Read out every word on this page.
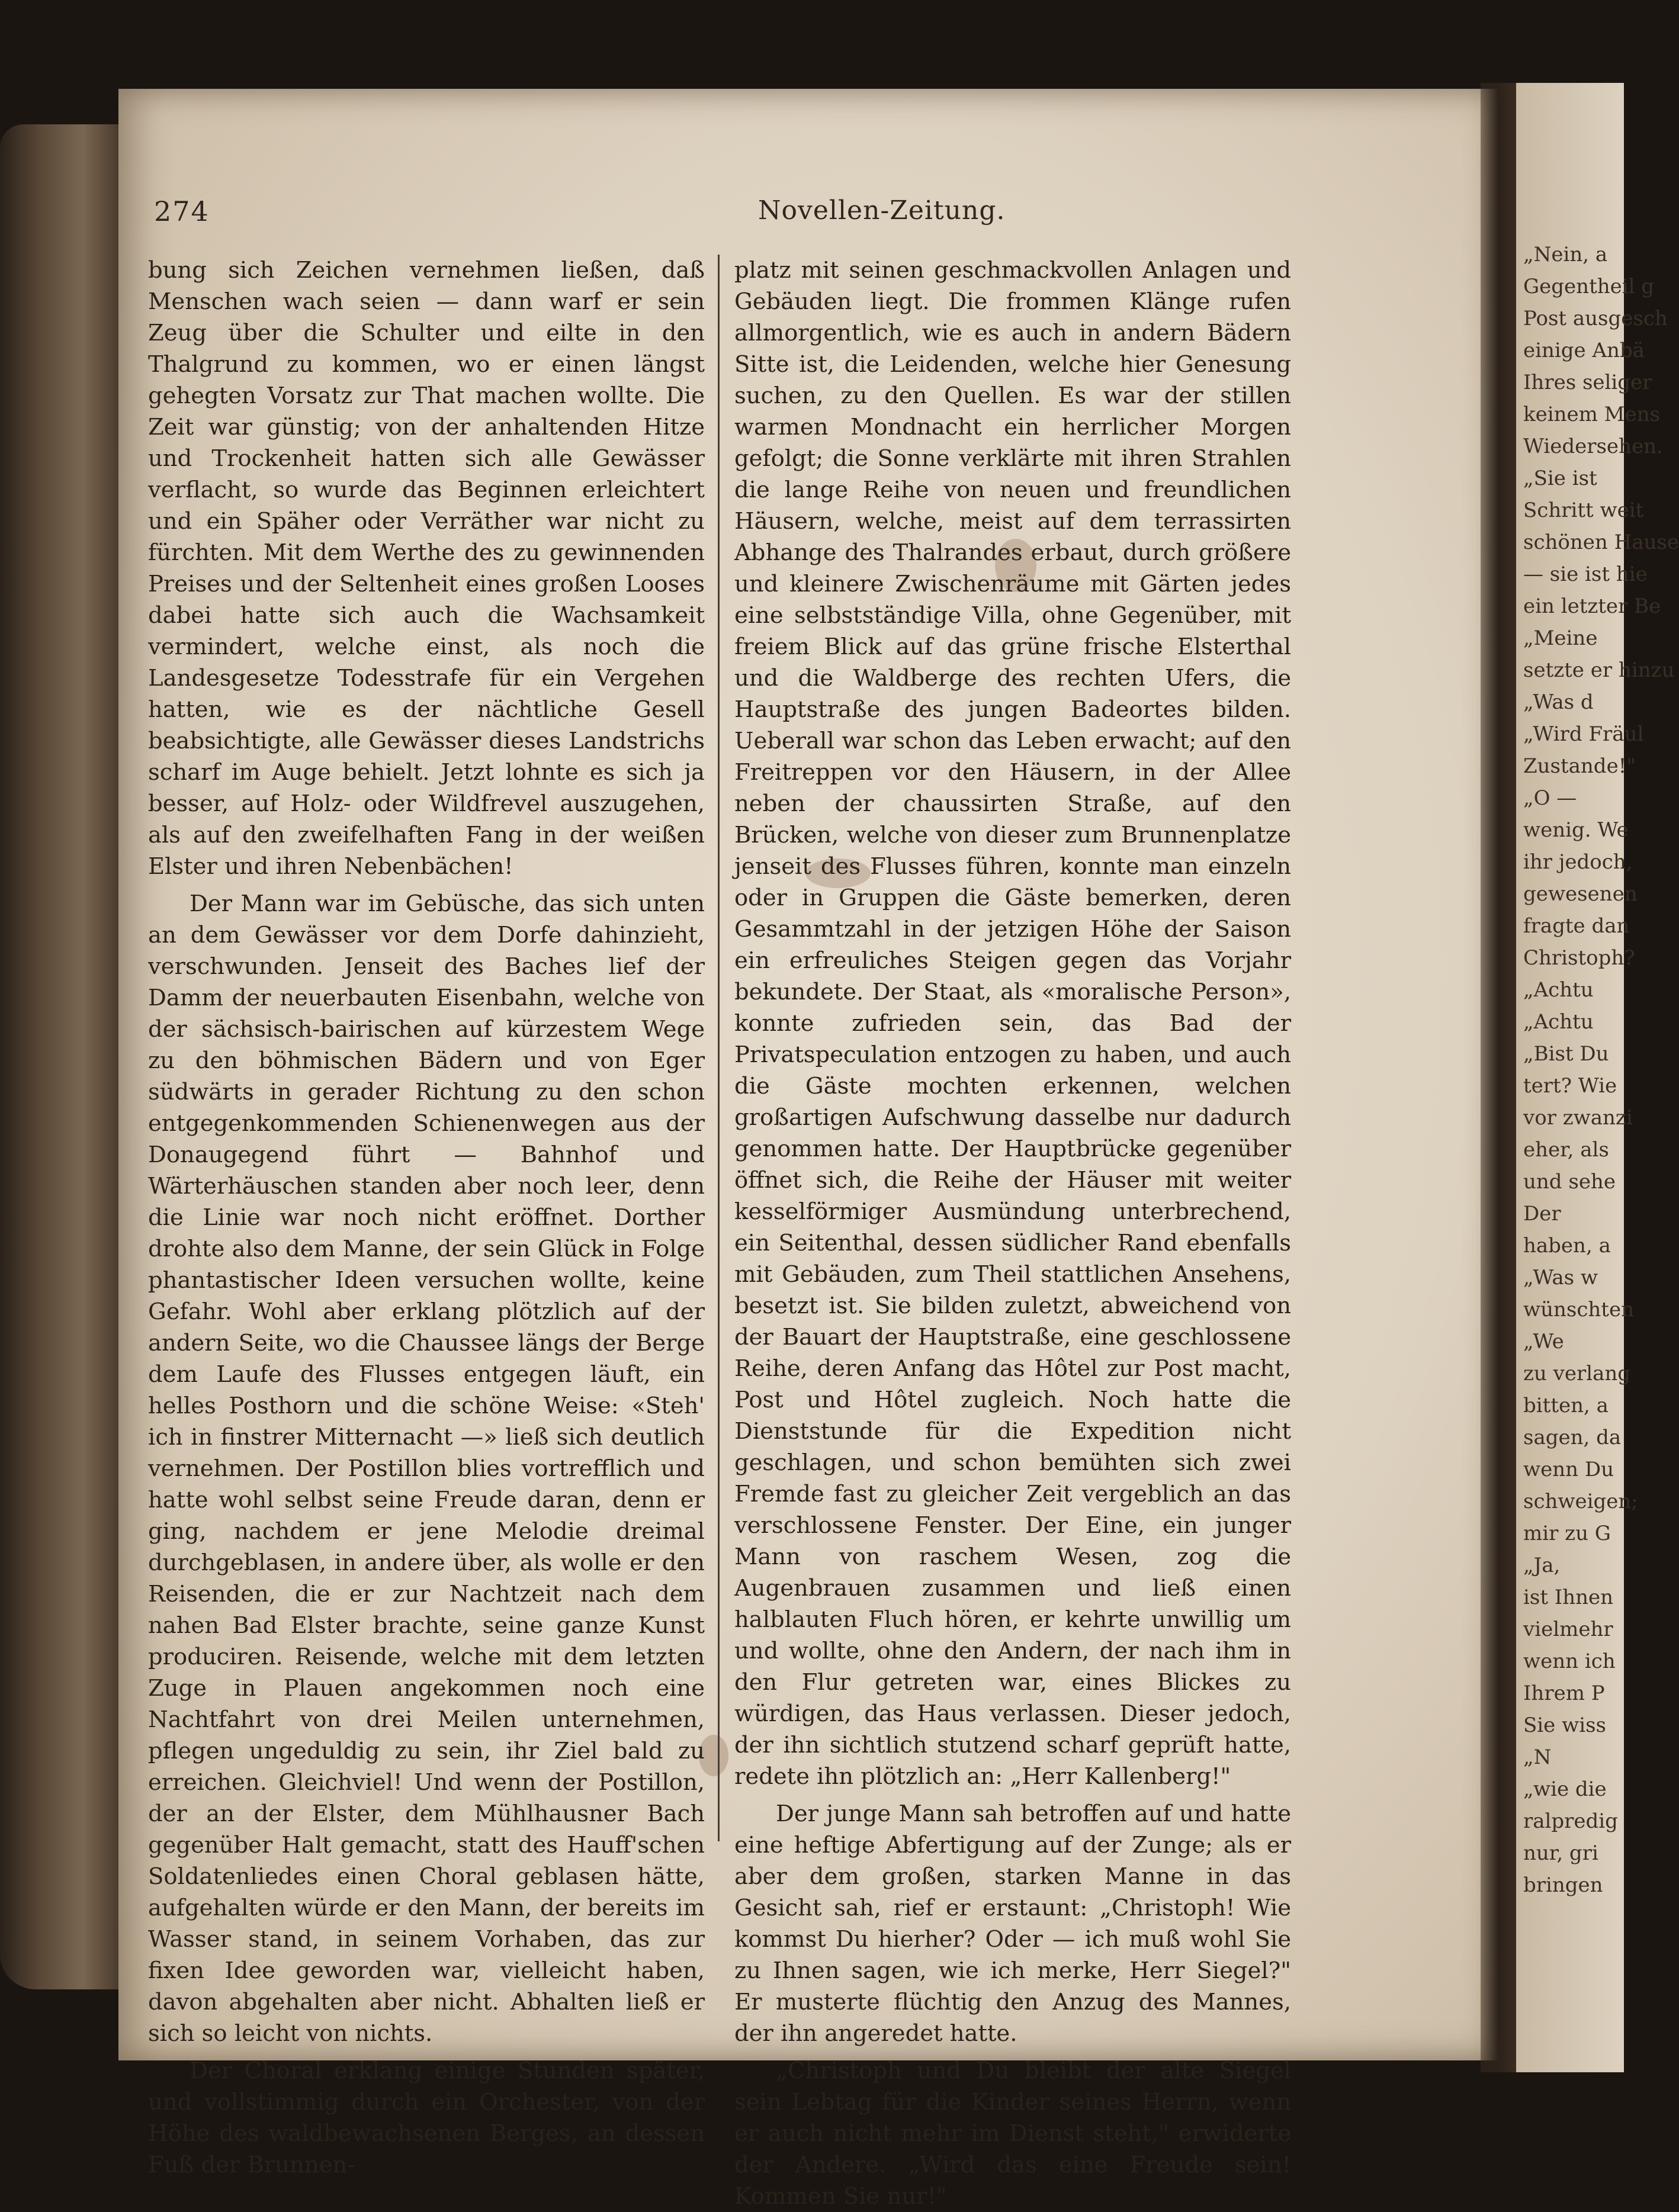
„Nein, a
Gegentheil g
Post ausgesch
einige Anbä
Ihres seliger
keinem Mens
Wiedersehen.
„Sie ist
Schritt weit
schönen Hause
— sie ist hie
ein letzter Be
„Meine
setzte er hinzu
„Was d
„Wird Fräul
Zustande!"
„O —
wenig. We
ihr jedoch,
gewesenen
fragte dan
Christoph?
„Achtu
„Achtu
„Bist Du
tert? Wie
vor zwanzi
eher, als
und sehe
Der
haben, a
„Was w
wünschten
„We
zu verlang
bitten, a
sagen, da
wenn Du
schweigen;
mir zu G
„Ja,
ist Ihnen
vielmehr
wenn ich
Ihrem P
Sie wiss
„N
„wie die
ralpredig
nur, gri
bringen
274	Novellen-Zeitung.

bung sich Zeichen vernehmen ließen, daß Menschen wach seien — dann warf er sein Zeug über die Schulter und eilte in den Thalgrund zu kommen, wo er einen längst gehegten Vorsatz zur That machen wollte. Die Zeit war günstig; von der anhaltenden Hitze und Trockenheit hatten sich alle Gewässer verflacht, so wurde das Beginnen erleichtert und ein Späher oder Verräther war nicht zu fürchten. Mit dem Werthe des zu gewinnenden Preises und der Seltenheit eines großen Looses dabei hatte sich auch die Wachsamkeit vermindert, welche einst, als noch die Landesgesetze Todesstrafe für ein Vergehen hatten, wie es der nächtliche Gesell beabsichtigte, alle Gewässer dieses Landstrichs scharf im Auge behielt. Jetzt lohnte es sich ja besser, auf Holz- oder Wildfrevel auszugehen, als auf den zweifelhaften Fang in der weißen Elster und ihren Nebenbächen!

Der Mann war im Gebüsche, das sich unten an dem Gewässer vor dem Dorfe dahinzieht, verschwunden. Jenseit des Baches lief der Damm der neuerbauten Eisenbahn, welche von der sächsisch-bairischen auf kürzestem Wege zu den böhmischen Bädern und von Eger südwärts in gerader Richtung zu den schon entgegenkommenden Schienenwegen aus der Donaugegend führt — Bahnhof und Wärterhäuschen standen aber noch leer, denn die Linie war noch nicht eröffnet. Dorther drohte also dem Manne, der sein Glück in Folge phantastischer Ideen versuchen wollte, keine Gefahr. Wohl aber erklang plötzlich auf der andern Seite, wo die Chaussee längs der Berge dem Laufe des Flusses entgegen läuft, ein helles Posthorn und die schöne Weise: «Steh' ich in finstrer Mitternacht —» ließ sich deutlich vernehmen. Der Postillon blies vortrefflich und hatte wohl selbst seine Freude daran, denn er ging, nachdem er jene Melodie dreimal durchgeblasen, in andere über, als wolle er den Reisenden, die er zur Nachtzeit nach dem nahen Bad Elster brachte, seine ganze Kunst produciren. Reisende, welche mit dem letzten Zuge in Plauen angekommen noch eine Nachtfahrt von drei Meilen unternehmen, pflegen ungeduldig zu sein, ihr Ziel bald zu erreichen. Gleichviel! Und wenn der Postillon, der an der Elster, dem Mühlhausner Bach gegenüber Halt gemacht, statt des Hauff'schen Soldatenliedes einen Choral geblasen hätte, aufgehalten würde er den Mann, der bereits im Wasser stand, in seinem Vorhaben, das zur fixen Idee geworden war, vielleicht haben, davon abgehalten aber nicht. Abhalten ließ er sich so leicht von nichts.

Der Choral erklang einige Stunden später, und vollstimmig durch ein Orchester, von der Höhe des waldbewachsenen Berges, an dessen Fuß der Brunnen-

platz mit seinen geschmackvollen Anlagen und Gebäuden liegt. Die frommen Klänge rufen allmorgentlich, wie es auch in andern Bädern Sitte ist, die Leidenden, welche hier Genesung suchen, zu den Quellen. Es war der stillen warmen Mondnacht ein herrlicher Morgen gefolgt; die Sonne verklärte mit ihren Strahlen die lange Reihe von neuen und freundlichen Häusern, welche, meist auf dem terrassirten Abhange des Thalrandes erbaut, durch größere und kleinere Zwischenräume mit Gärten jedes eine selbstständige Villa, ohne Gegenüber, mit freiem Blick auf das grüne frische Elsterthal und die Waldberge des rechten Ufers, die Hauptstraße des jungen Badeortes bilden. Ueberall war schon das Leben erwacht; auf den Freitreppen vor den Häusern, in der Allee neben der chaussirten Straße, auf den Brücken, welche von dieser zum Brunnenplatze jenseit des Flusses führen, konnte man einzeln oder in Gruppen die Gäste bemerken, deren Gesammtzahl in der jetzigen Höhe der Saison ein erfreuliches Steigen gegen das Vorjahr bekundete. Der Staat, als «moralische Person», konnte zufrieden sein, das Bad der Privatspeculation entzogen zu haben, und auch die Gäste mochten erkennen, welchen großartigen Aufschwung dasselbe nur dadurch genommen hatte. Der Hauptbrücke gegenüber öffnet sich, die Reihe der Häuser mit weiter kesselförmiger Ausmündung unterbrechend, ein Seitenthal, dessen südlicher Rand ebenfalls mit Gebäuden, zum Theil stattlichen Ansehens, besetzt ist. Sie bilden zuletzt, abweichend von der Bauart der Hauptstraße, eine geschlossene Reihe, deren Anfang das Hôtel zur Post macht, Post und Hôtel zugleich. Noch hatte die Dienststunde für die Expedition nicht geschlagen, und schon bemühten sich zwei Fremde fast zu gleicher Zeit vergeblich an das verschlossene Fenster. Der Eine, ein junger Mann von raschem Wesen, zog die Augenbrauen zusammen und ließ einen halblauten Fluch hören, er kehrte unwillig um und wollte, ohne den Andern, der nach ihm in den Flur getreten war, eines Blickes zu würdigen, das Haus verlassen. Dieser jedoch, der ihn sichtlich stutzend scharf geprüft hatte, redete ihn plötzlich an: „Herr Kallenberg!"

Der junge Mann sah betroffen auf und hatte eine heftige Abfertigung auf der Zunge; als er aber dem großen, starken Manne in das Gesicht sah, rief er erstaunt: „Christoph! Wie kommst Du hierher? Oder — ich muß wohl Sie zu Ihnen sagen, wie ich merke, Herr Siegel?" Er musterte flüchtig den Anzug des Mannes, der ihn angeredet hatte.

„Christoph und Du bleibt der alte Siegel sein Lebtag für die Kinder seines Herrn, wenn er auch nicht mehr im Dienst steht," erwiderte der Andere. „Wird das eine Freude sein! Kommen Sie nur!"
